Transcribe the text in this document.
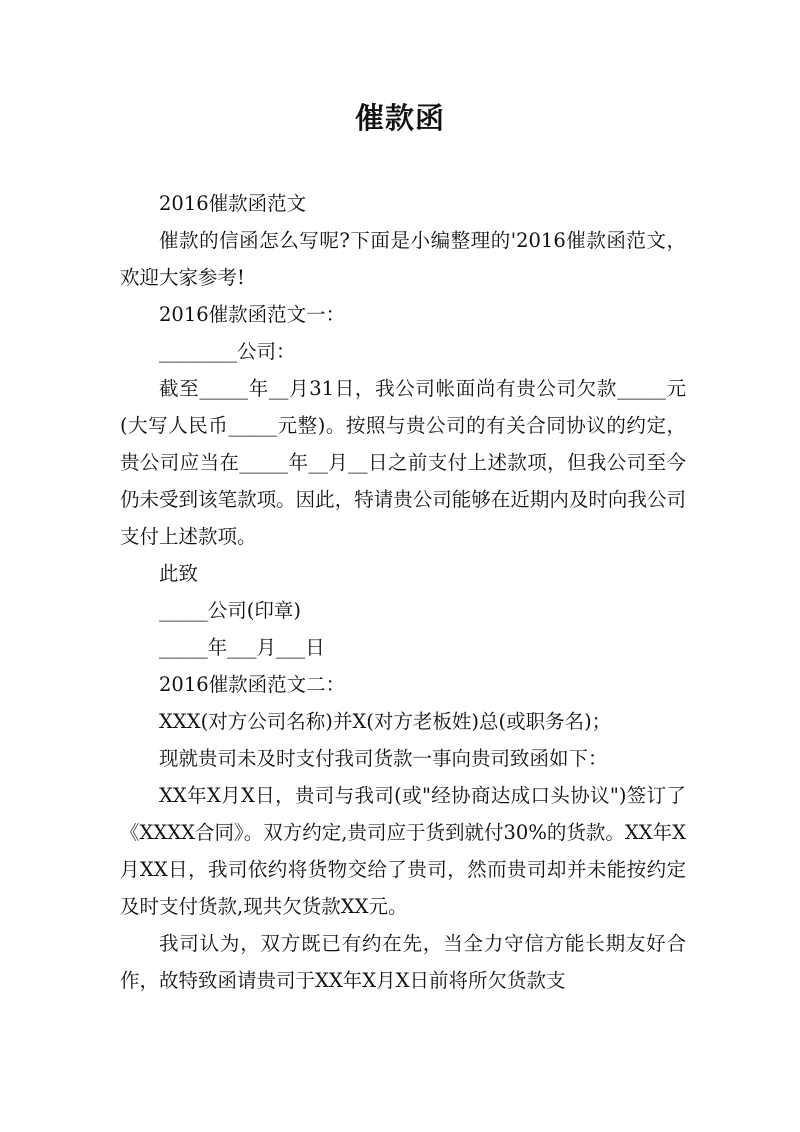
催款函

2016催款函范文

催款的信函怎么写呢?下面是小编整理的'2016催款函范文，欢迎大家参考!

2016催款函范文一：

________公司：

截至_____年__月31日，我公司帐面尚有贵公司欠款_____元(大写人民币_____元整)。按照与贵公司的有关合同协议的约定，贵公司应当在_____年__月__日之前支付上述款项，但我公司至今仍未受到该笔款项。因此，特请贵公司能够在近期内及时向我公司支付上述款项。

此致

_____公司(印章)

_____年___月___日

2016催款函范文二：

XXX(对方公司名称)并X(对方老板姓)总(或职务名)；

现就贵司未及时支付我司货款一事向贵司致函如下：

XX年X月X日，贵司与我司(或"经协商达成口头协议")签订了《XXXX合同》。双方约定,贵司应于货到就付30%的货款。XX年X月XX日，我司依约将货物交给了贵司，然而贵司却并未能按约定及时支付货款,现共欠货款XX元。

我司认为，双方既已有约在先，当全力守信方能长期友好合作，故特致函请贵司于XX年X月X日前将所欠货款支
